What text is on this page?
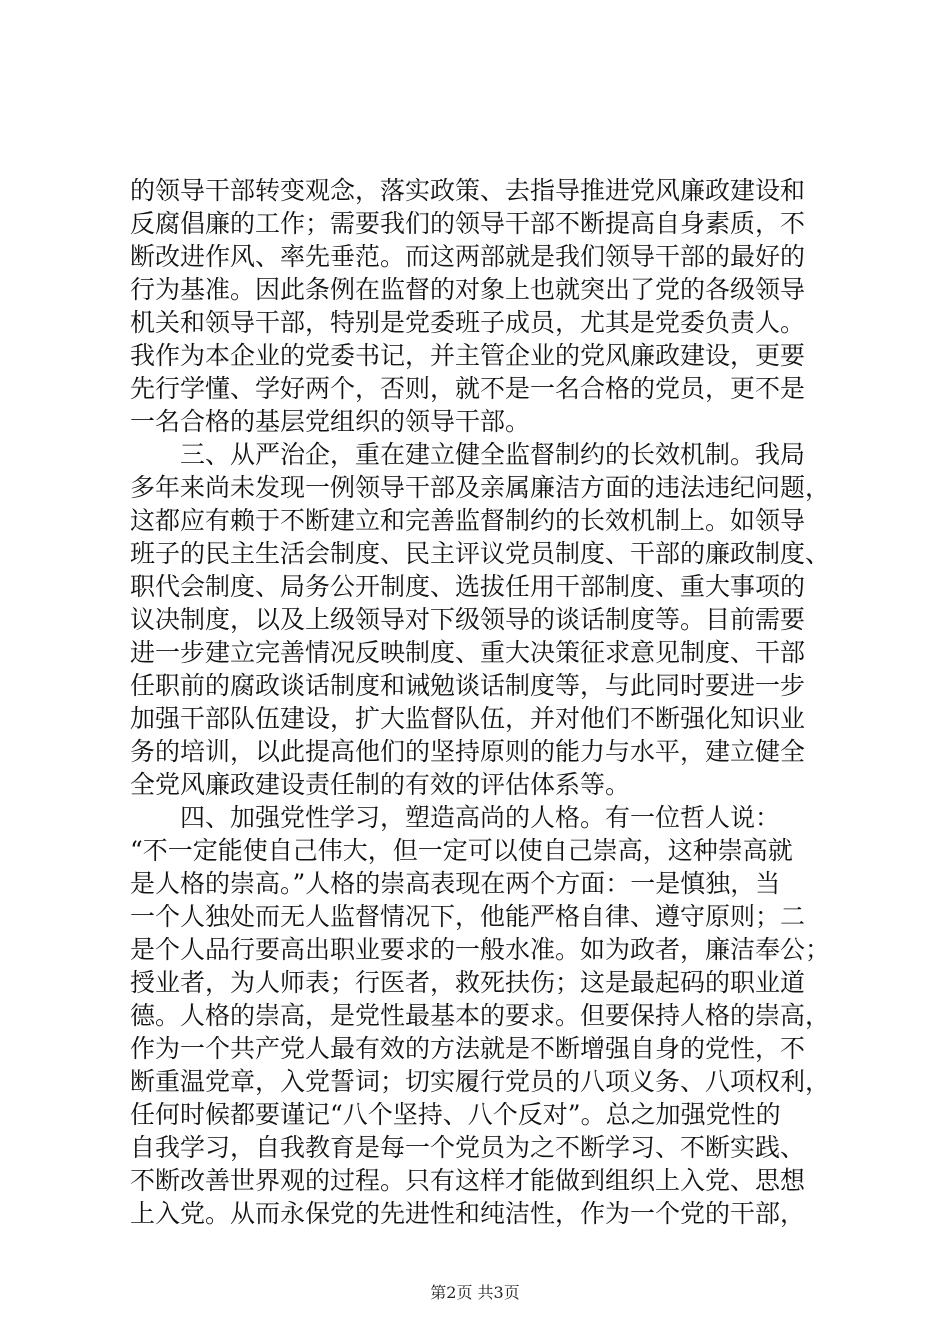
的领导干部转变观念，落实政策、去指导推进党风廉政建设和
反腐倡廉的工作；需要我们的领导干部不断提高自身素质，不
断改进作风、率先垂范。而这两部就是我们领导干部的最好的
行为基准。因此条例在监督的对象上也就突出了党的各级领导
机关和领导干部，特别是党委班子成员，尤其是党委负责人。
我作为本企业的党委书记，并主管企业的党风廉政建设，更要
先行学懂、学好两个，否则，就不是一名合格的党员，更不是
一名合格的基层党组织的领导干部。
　　三、从严治企，重在建立健全监督制约的长效机制。我局
多年来尚未发现一例领导干部及亲属廉洁方面的违法违纪问题，
这都应有赖于不断建立和完善监督制约的长效机制上。如领导
班子的民主生活会制度、民主评议党员制度、干部的廉政制度、
职代会制度、局务公开制度、选拔任用干部制度、重大事项的
议决制度，以及上级领导对下级领导的谈话制度等。目前需要
进一步建立完善情况反映制度、重大决策征求意见制度、干部
任职前的腐政谈话制度和诫勉谈话制度等，与此同时要进一步
加强干部队伍建设，扩大监督队伍，并对他们不断强化知识业
务的培训，以此提高他们的坚持原则的能力与水平，建立健全
全党风廉政建设责任制的有效的评估体系等。
　　四、加强党性学习，塑造高尚的人格。有一位哲人说：
“不一定能使自己伟大，但一定可以使自己崇高，这种崇高就
是人格的崇高。”人格的崇高表现在两个方面：一是慎独，当
一个人独处而无人监督情况下，他能严格自律、遵守原则；二
是个人品行要高出职业要求的一般水准。如为政者，廉洁奉公；
授业者，为人师表；行医者，救死扶伤；这是最起码的职业道
德。人格的崇高，是党性最基本的要求。但要保持人格的崇高，
作为一个共产党人最有效的方法就是不断增强自身的党性，不
断重温党章，入党誓词；切实履行党员的八项义务、八项权利，
任何时候都要谨记“八个坚持、八个反对”。总之加强党性的
自我学习，自我教育是每一个党员为之不断学习、不断实践、
不断改善世界观的过程。只有这样才能做到组织上入党、思想
上入党。从而永保党的先进性和纯洁性，作为一个党的干部，
第2页 共3页
